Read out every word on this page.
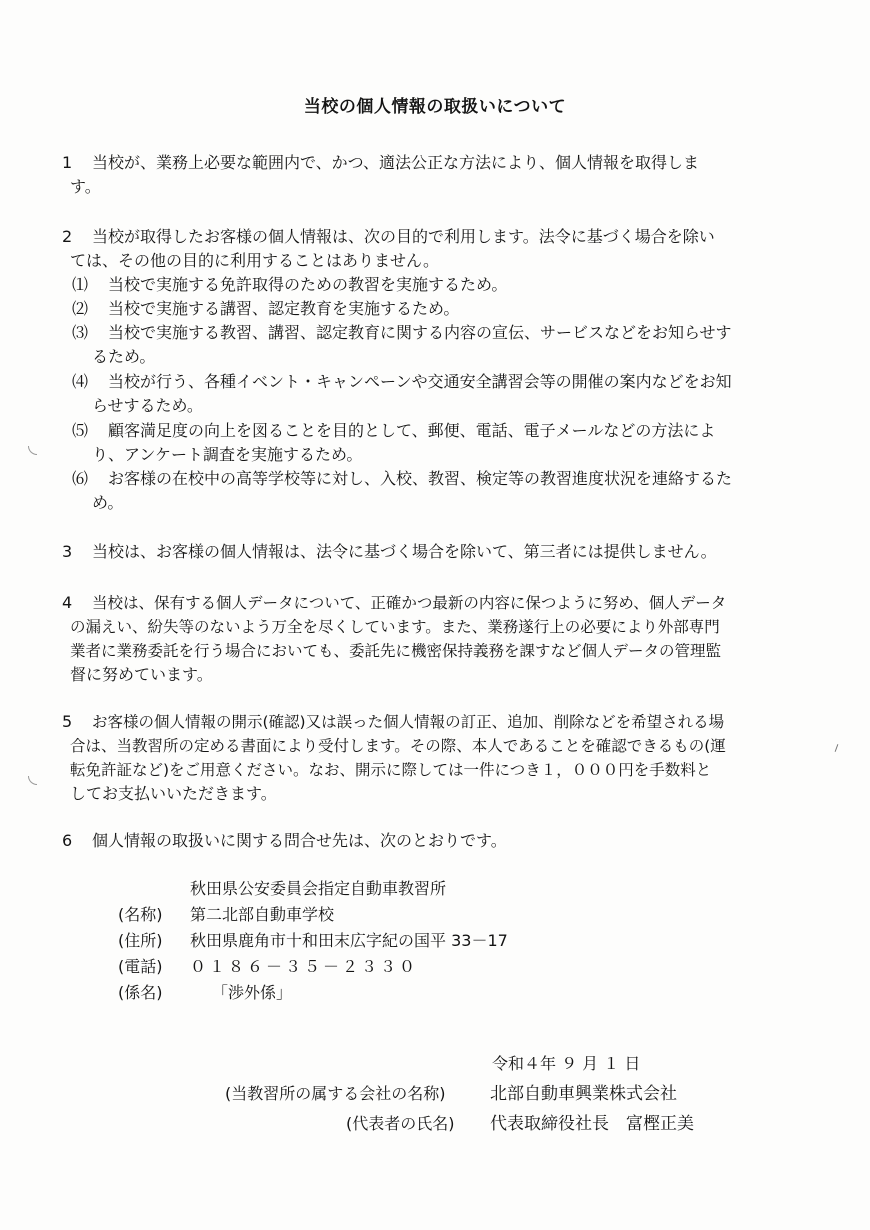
当校の個人情報の取扱いについて
1 当校が、業務上必要な範囲内で、かつ、適法公正な方法により、個人情報を取得しま
す。
2 当校が取得したお客様の個人情報は、次の目的で利用します。法令に基づく場合を除い
ては、その他の目的に利用することはありません。
⑴ 当校で実施する免許取得のための教習を実施するため。
⑵ 当校で実施する講習、認定教育を実施するため。
⑶ 当校で実施する教習、講習、認定教育に関する内容の宣伝、サービスなどをお知らせす
るため。
⑷ 当校が行う、各種イベント・キャンペーンや交通安全講習会等の開催の案内などをお知
らせするため。
⑸ 顧客満足度の向上を図ることを目的として、郵便、電話、電子メールなどの方法によ
り、アンケート調査を実施するため。
⑹ お客様の在校中の高等学校等に対し、入校、教習、検定等の教習進度状況を連絡するた
め。
3 当校は、お客様の個人情報は、法令に基づく場合を除いて、第三者には提供しません。
4 当校は、保有する個人データについて、正確かつ最新の内容に保つように努め、個人データ
の漏えい、紛失等のないよう万全を尽くしています。また、業務遂行上の必要により外部専門
業者に業務委託を行う場合においても、委託先に機密保持義務を課すなど個人データの管理監
督に努めています。
5 お客様の個人情報の開示(確認)又は誤った個人情報の訂正、追加、削除などを希望される場
合は、当教習所の定める書面により受付します。その際、本人であることを確認できるもの(運
転免許証など)をご用意ください。なお、開示に際しては一件につき１，０００円を手数料と
してお支払いいただきます。
6 個人情報の取扱いに関する問合せ先は、次のとおりです。
秋田県公安委員会指定自動車教習所
(名称) 第二北部自動車学校
(住所) 秋田県鹿角市十和田末広字紀の国平 33－17
(電話) ０１８６－３５－２３３０
(係名)	「渉外係」
令和４年 ９ 月 １ 日
(当教習所の属する会社の名称)	北部自動車興業株式会社
(代表者の氏名) 代表取締役社長　富樫正美
